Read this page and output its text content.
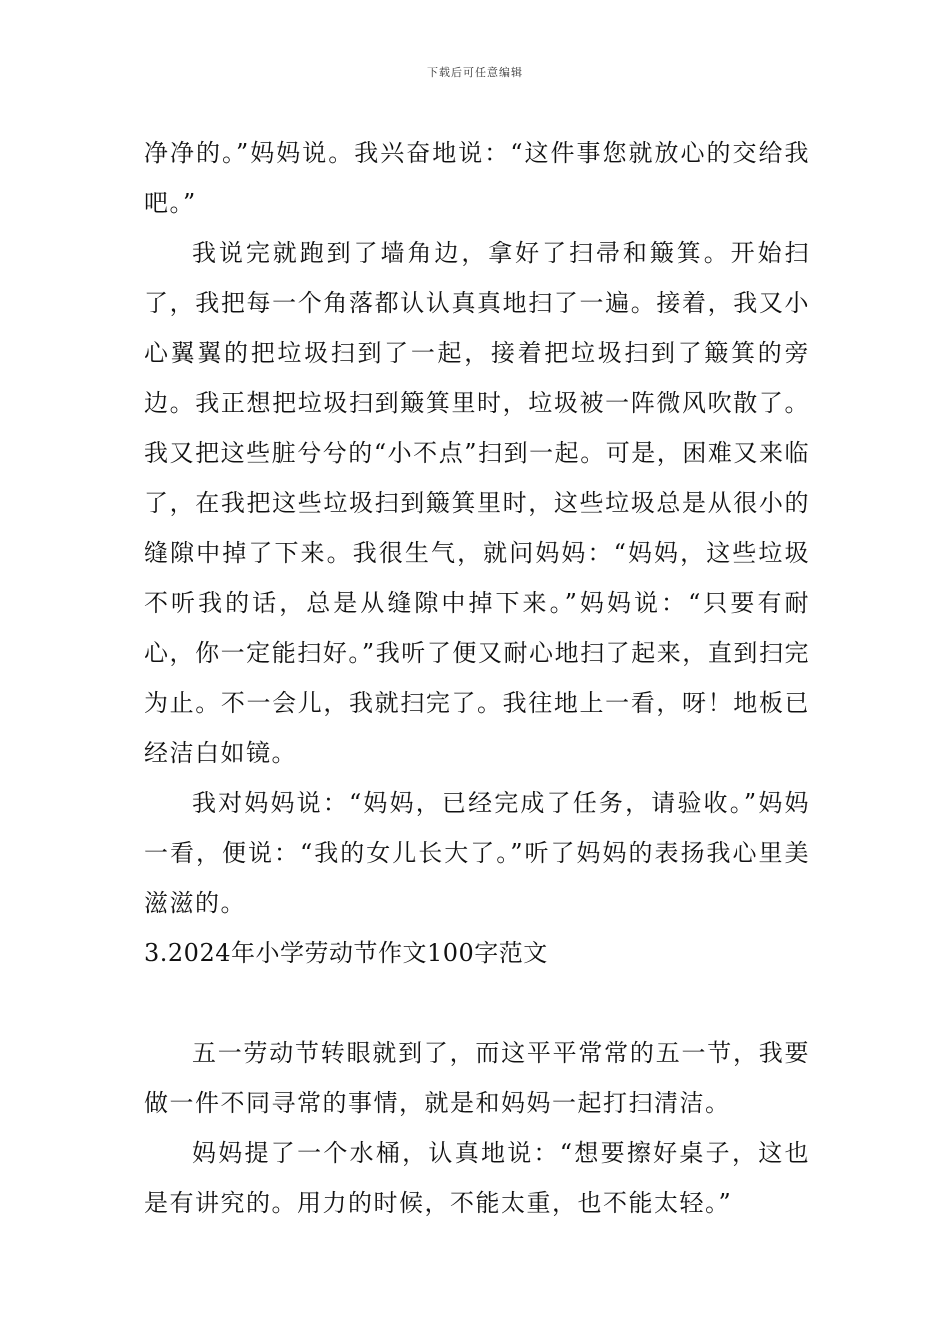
下载后可任意编辑

净净的。”妈妈说。我兴奋地说：“这件事您就放心的交给我吧。”

我说完就跑到了墙角边，拿好了扫帚和簸箕。开始扫了，我把每一个角落都认认真真地扫了一遍。接着，我又小心翼翼的把垃圾扫到了一起，接着把垃圾扫到了簸箕的旁边。我正想把垃圾扫到簸箕里时，垃圾被一阵微风吹散了。我又把这些脏兮兮的“小不点”扫到一起。可是，困难又来临了，在我把这些垃圾扫到簸箕里时，这些垃圾总是从很小的缝隙中掉了下来。我很生气，就问妈妈：“妈妈，这些垃圾不听我的话，总是从缝隙中掉下来。”妈妈说：“只要有耐心，你一定能扫好。”我听了便又耐心地扫了起来，直到扫完为止。不一会儿，我就扫完了。我往地上一看，呀！地板已经洁白如镜。

我对妈妈说：“妈妈，已经完成了任务，请验收。”妈妈一看，便说：“我的女儿长大了。”听了妈妈的表扬我心里美滋滋的。

3.2024年小学劳动节作文100字范文

五一劳动节转眼就到了，而这平平常常的五一节，我要做一件不同寻常的事情，就是和妈妈一起打扫清洁。

妈妈提了一个水桶，认真地说：“想要擦好桌子，这也是有讲究的。用力的时候，不能太重，也不能太轻。”
